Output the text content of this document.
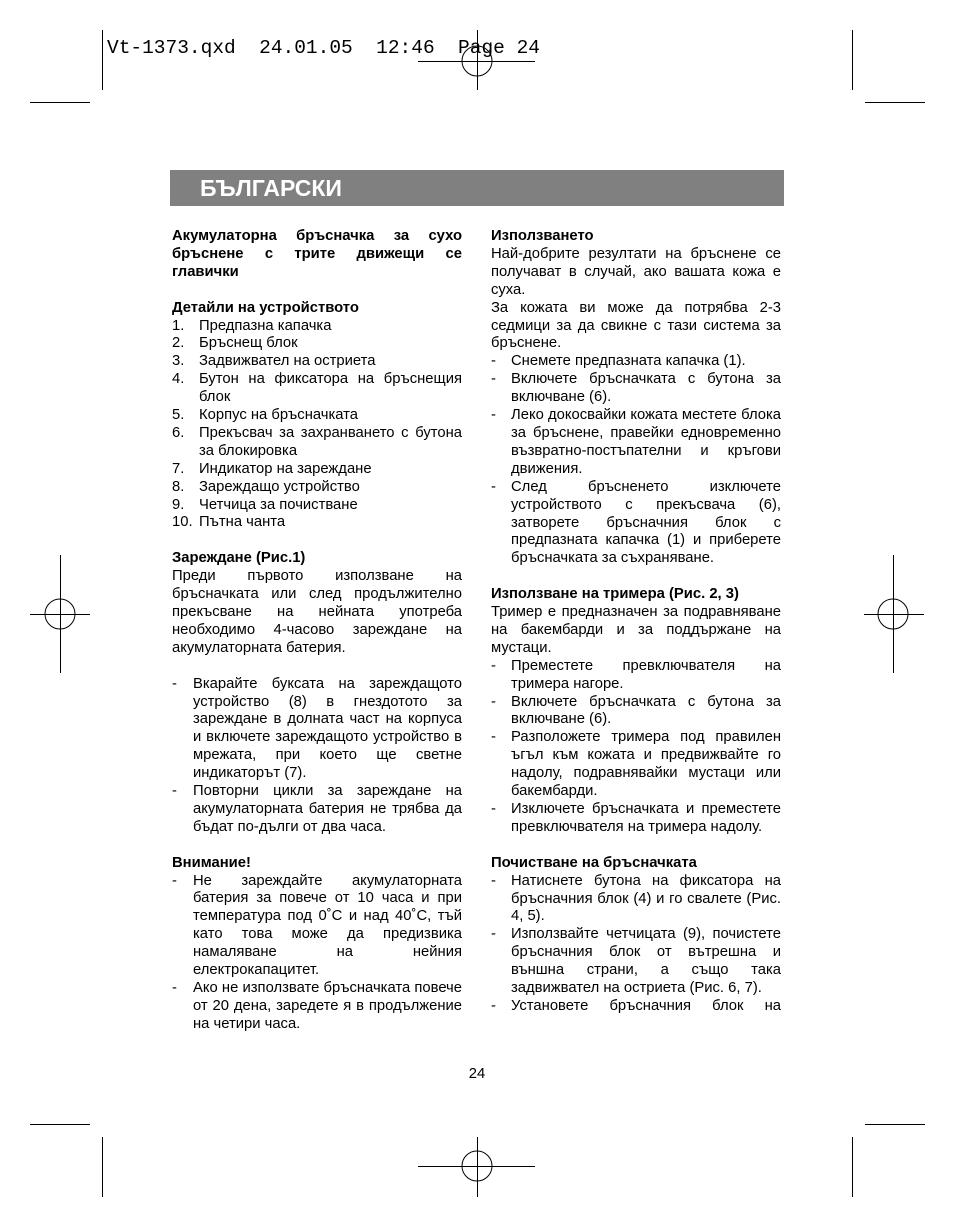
Vt-1373.qxd  24.01.05  12:46  Page 24
БЪЛГАРСКИ
Акумулаторна бръсначка за сухо бръснене с трите движещи се главички
Детайли на устройството
1. Предпазна капачка
2. Бръснещ блок
3. Задвижвател на остриета
4. Бутон на фиксатора на бръснещия блок
5. Корпус на бръсначката
6. Прекъсвач за захранването с бутона за блокировка
7. Индикатор на зареждане
8. Зареждащо устройство
9. Четчица за почистване
10. Пътна чанта
Зареждане (Рис.1)
Преди първото използване на бръсначката или след продължително прекъсване на нейната употреба необходимо 4-часово зареждане на акумулаторната батерия.
-	Вкарайте буксата на зареждащото устройство (8) в гнездотото за зареждане в долната част на корпуса и включете зареждащото устройство в мрежата, при което ще светне индикаторът (7).
-	Повторни цикли за зареждане на акумулаторната батерия не трябва да бъдат по-дълги от два часа.
Внимание!
-	Не зареждайте акумулаторната батерия за повече от 10 часа и при температура под 0˚С и над 40˚С, тъй като това може да предизвика намаляване на нейния електрокапацитет.
-	Ако не използвате бръсначката повече от 20 дена, заредете я в продължение на четири часа.
Използването
Най-добрите резултати на бръснене се получават в случай, ако вашата кожа е суха.
За кожата ви може да потрябва 2-3 седмици за да свикне с тази система за бръснене.
-	Снемете предпазната капачка (1).
-	Включете бръсначката с бутона за включване (6).
-	Леко докосвайки кожата местете блока за бръснене, правейки едновременно възвратно-постъпателни и кръгови движения.
-	След бръсненето изключете устройството с прекъсвача (6), затворете бръсначния блок с предпазната капачка (1) и приберете бръсначката за съхраняване.
Използване на тримера (Рис. 2, 3)
Тример е предназначен за подравняване на бакембарди и за поддържане на мустаци.
-	Преместете превключвателя на тримера нагоре.
-	Включете бръсначката с бутона за включване (6).
-	Разположете тримера под правилен ъгъл към кожата и предвижвайте го надолу, подравнявайки мустаци или бакембарди.
-	Изключете бръсначката и преместете превключвателя на тримера надолу.
Почистване на бръсначката
-	Натиснете бутона на фиксатора на бръсначния блок (4) и го свалете (Рис. 4, 5).
-	Използвайте четчицата (9), почистете бръсначния блок от вътрешна и външна страни, а също така задвижвател на остриета (Рис. 6, 7).
-	Установете бръсначния блок на
24
